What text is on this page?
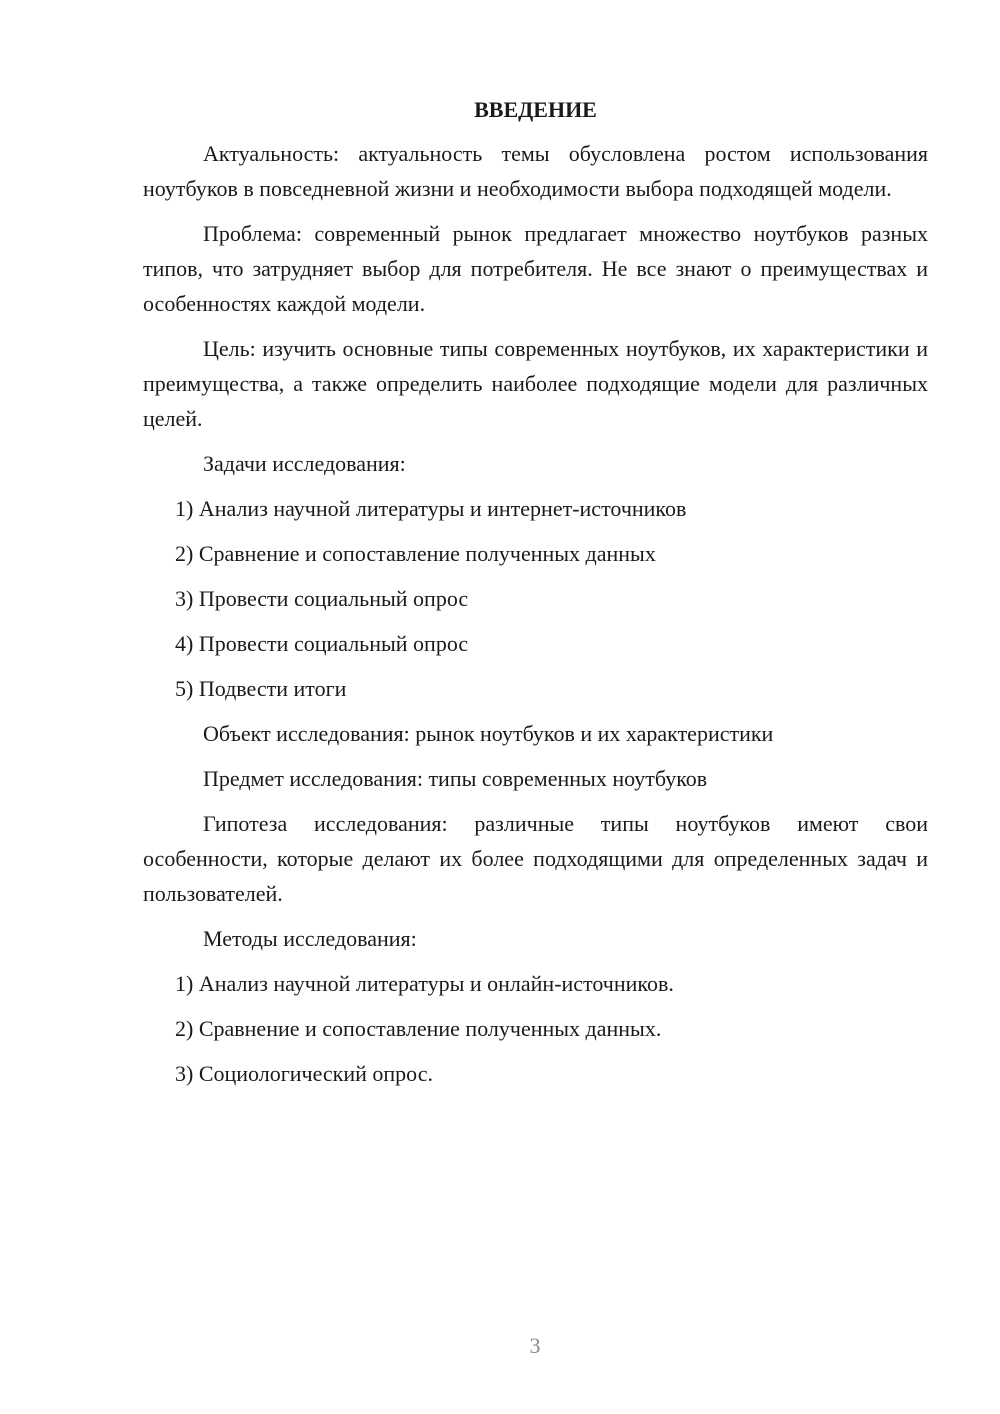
ВВЕДЕНИЕ

Актуальность: актуальность темы обусловлена ростом использования ноутбуков в повседневной жизни и необходимости выбора подходящей модели.

Проблема: современный рынок предлагает множество ноутбуков разных типов, что затрудняет выбор для потребителя. Не все знают о преимуществах и особенностях каждой модели.

Цель: изучить основные типы современных ноутбуков, их характеристики и преимущества, а также определить наиболее подходящие модели для различных целей.

Задачи исследования:
1) Анализ научной литературы и интернет-источников
2) Сравнение и сопоставление полученных данных
3) Провести социальный опрос
4) Провести социальный опрос
5) Подвести итоги
Объект исследования: рынок ноутбуков и их характеристики
Предмет исследования: типы современных ноутбуков

Гипотеза исследования: различные типы ноутбуков имеют свои особенности, которые делают их более подходящими для определенных задач и пользователей.

Методы исследования:
1) Анализ научной литературы и онлайн-источников.
2) Сравнение и сопоставление полученных данных.
3) Социологический опрос.
3
